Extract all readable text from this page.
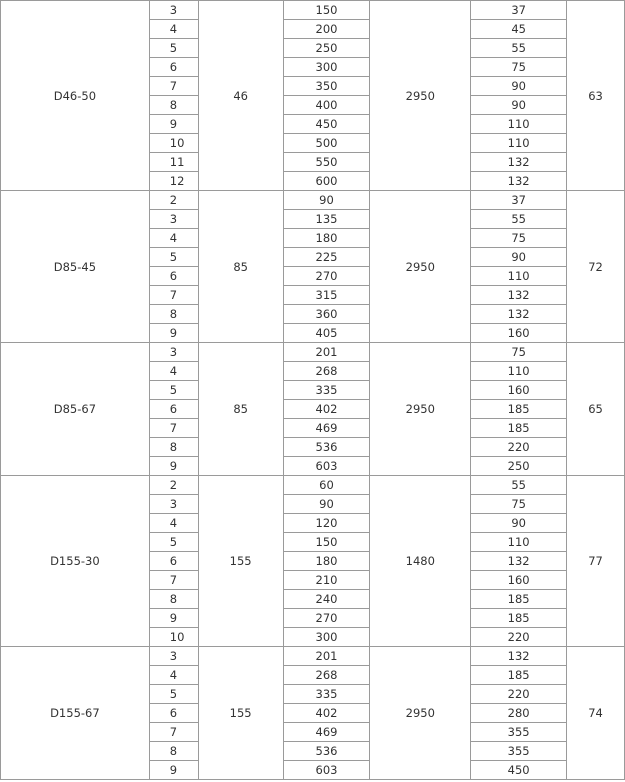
D46-50	3	46	150	2950	37	63
	4		200		45	
	5		250		55	
	6		300		75	
	7		350		90	
	8		400		90	
	9		450		110	
	10		500		110	
	11		550		132	
	12		600		132	
D85-45	2	85	90	2950	37	72
	3		135		55	
	4		180		75	
	5		225		90	
	6		270		110	
	7		315		132	
	8		360		132	
	9		405		160	
D85-67	3	85	201	2950	75	65
	4		268		110	
	5		335		160	
	6		402		185	
	7		469		185	
	8		536		220	
	9		603		250	
D155-30	2	155	60	1480	55	77
	3		90		75	
	4		120		90	
	5		150		110	
	6		180		132	
	7		210		160	
	8		240		185	
	9		270		185	
	10		300		220	
D155-67	3	155	201	2950	132	74
	4		268		185	
	5		335		220	
	6		402		280	
	7		469		355	
	8		536		355	
	9		603		450	
